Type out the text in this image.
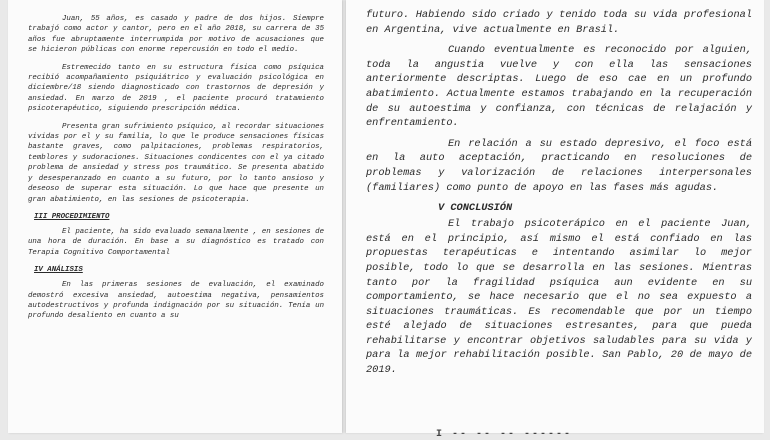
Juan, 55 años, es casado y padre de dos hijos. Siempre trabajó como actor y cantor, pero en el año 2018, su carrera de 35 años fue abruptamente interrumpida por motivo de acusaciones que se hicieron públicas con enorme repercusión en todo el medio.

Estremecido tanto en su estructura física como psíquica recibió acompañamiento psiquiátrico y evaluación psicológica en diciembre/18 siendo diagnosticado con trastornos de depresión y ansiedad. En marzo de 2019 , el paciente procuró tratamiento psicoterapéutico, siguiendo prescripción médica.

Presenta gran sufrimiento psíquico, al recordar situaciones vividas por el y su familia, lo que le produce sensaciones físicas bastante graves, como palpitaciones, problemas respiratorios, temblores y sudoraciones. Situaciones condicentes con el ya citado problema de ansiedad y stress pos traumático. Se presenta abatido y desesperanzado en cuanto a su futuro, por lo tanto ansioso y deseoso de superar esta situación. Lo que hace que presente un gran abatimiento, en las sesiones de psicoterapia.

III PROCEDIMIENTO

El paciente, ha sido evaluado semanalmente , en sesiones de una hora de duración. En base a su diagnóstico es tratado con Terapia Cognitivo Comportamental

IV ANÁLISIS

En las primeras sesiones de evaluación, el examinado demostró excesiva ansiedad, autoestima negativa, pensamientos autodestructivos y profunda indignación por su situación. Tenía un profundo desaliento en cuanto a su

futuro. Habiendo sido criado y tenido toda su vida profesional en Argentina, vive actualmente en Brasil.

Cuando eventualmente es reconocido por alguien, toda la angustia vuelve y con ella las sensaciones anteriormente descriptas. Luego de eso cae en un profundo abatimiento. Actualmente estamos trabajando en la recuperación de su autoestima y confianza, con técnicas de relajación y enfrentamiento.

En relación a su estado depresivo, el foco está en la auto aceptación, practicando en resoluciones de problemas y valorización de relaciones interpersonales (familiares) como punto de apoyo en las fases más agudas.

V CONCLUSIÓN

El trabajo psicoterápico en el paciente Juan, está en el principio, así mismo el está confiado en las propuestas terapéuticas e intentando asimilar lo mejor posible, todo lo que se desarrolla en las sesiones. Mientras tanto por la fragilidad psíquica aun evidente en su comportamiento, se hace necesario que el no sea expuesto a situaciones traumáticas. Es recomendable que por un tiempo esté alejado de situaciones estresantes, para que pueda rehabilitarse y encontrar objetivos saludables para su vida y para la mejor rehabilitación posible. San Pablo, 20 de mayo de 2019.

I -- -- -- ------
